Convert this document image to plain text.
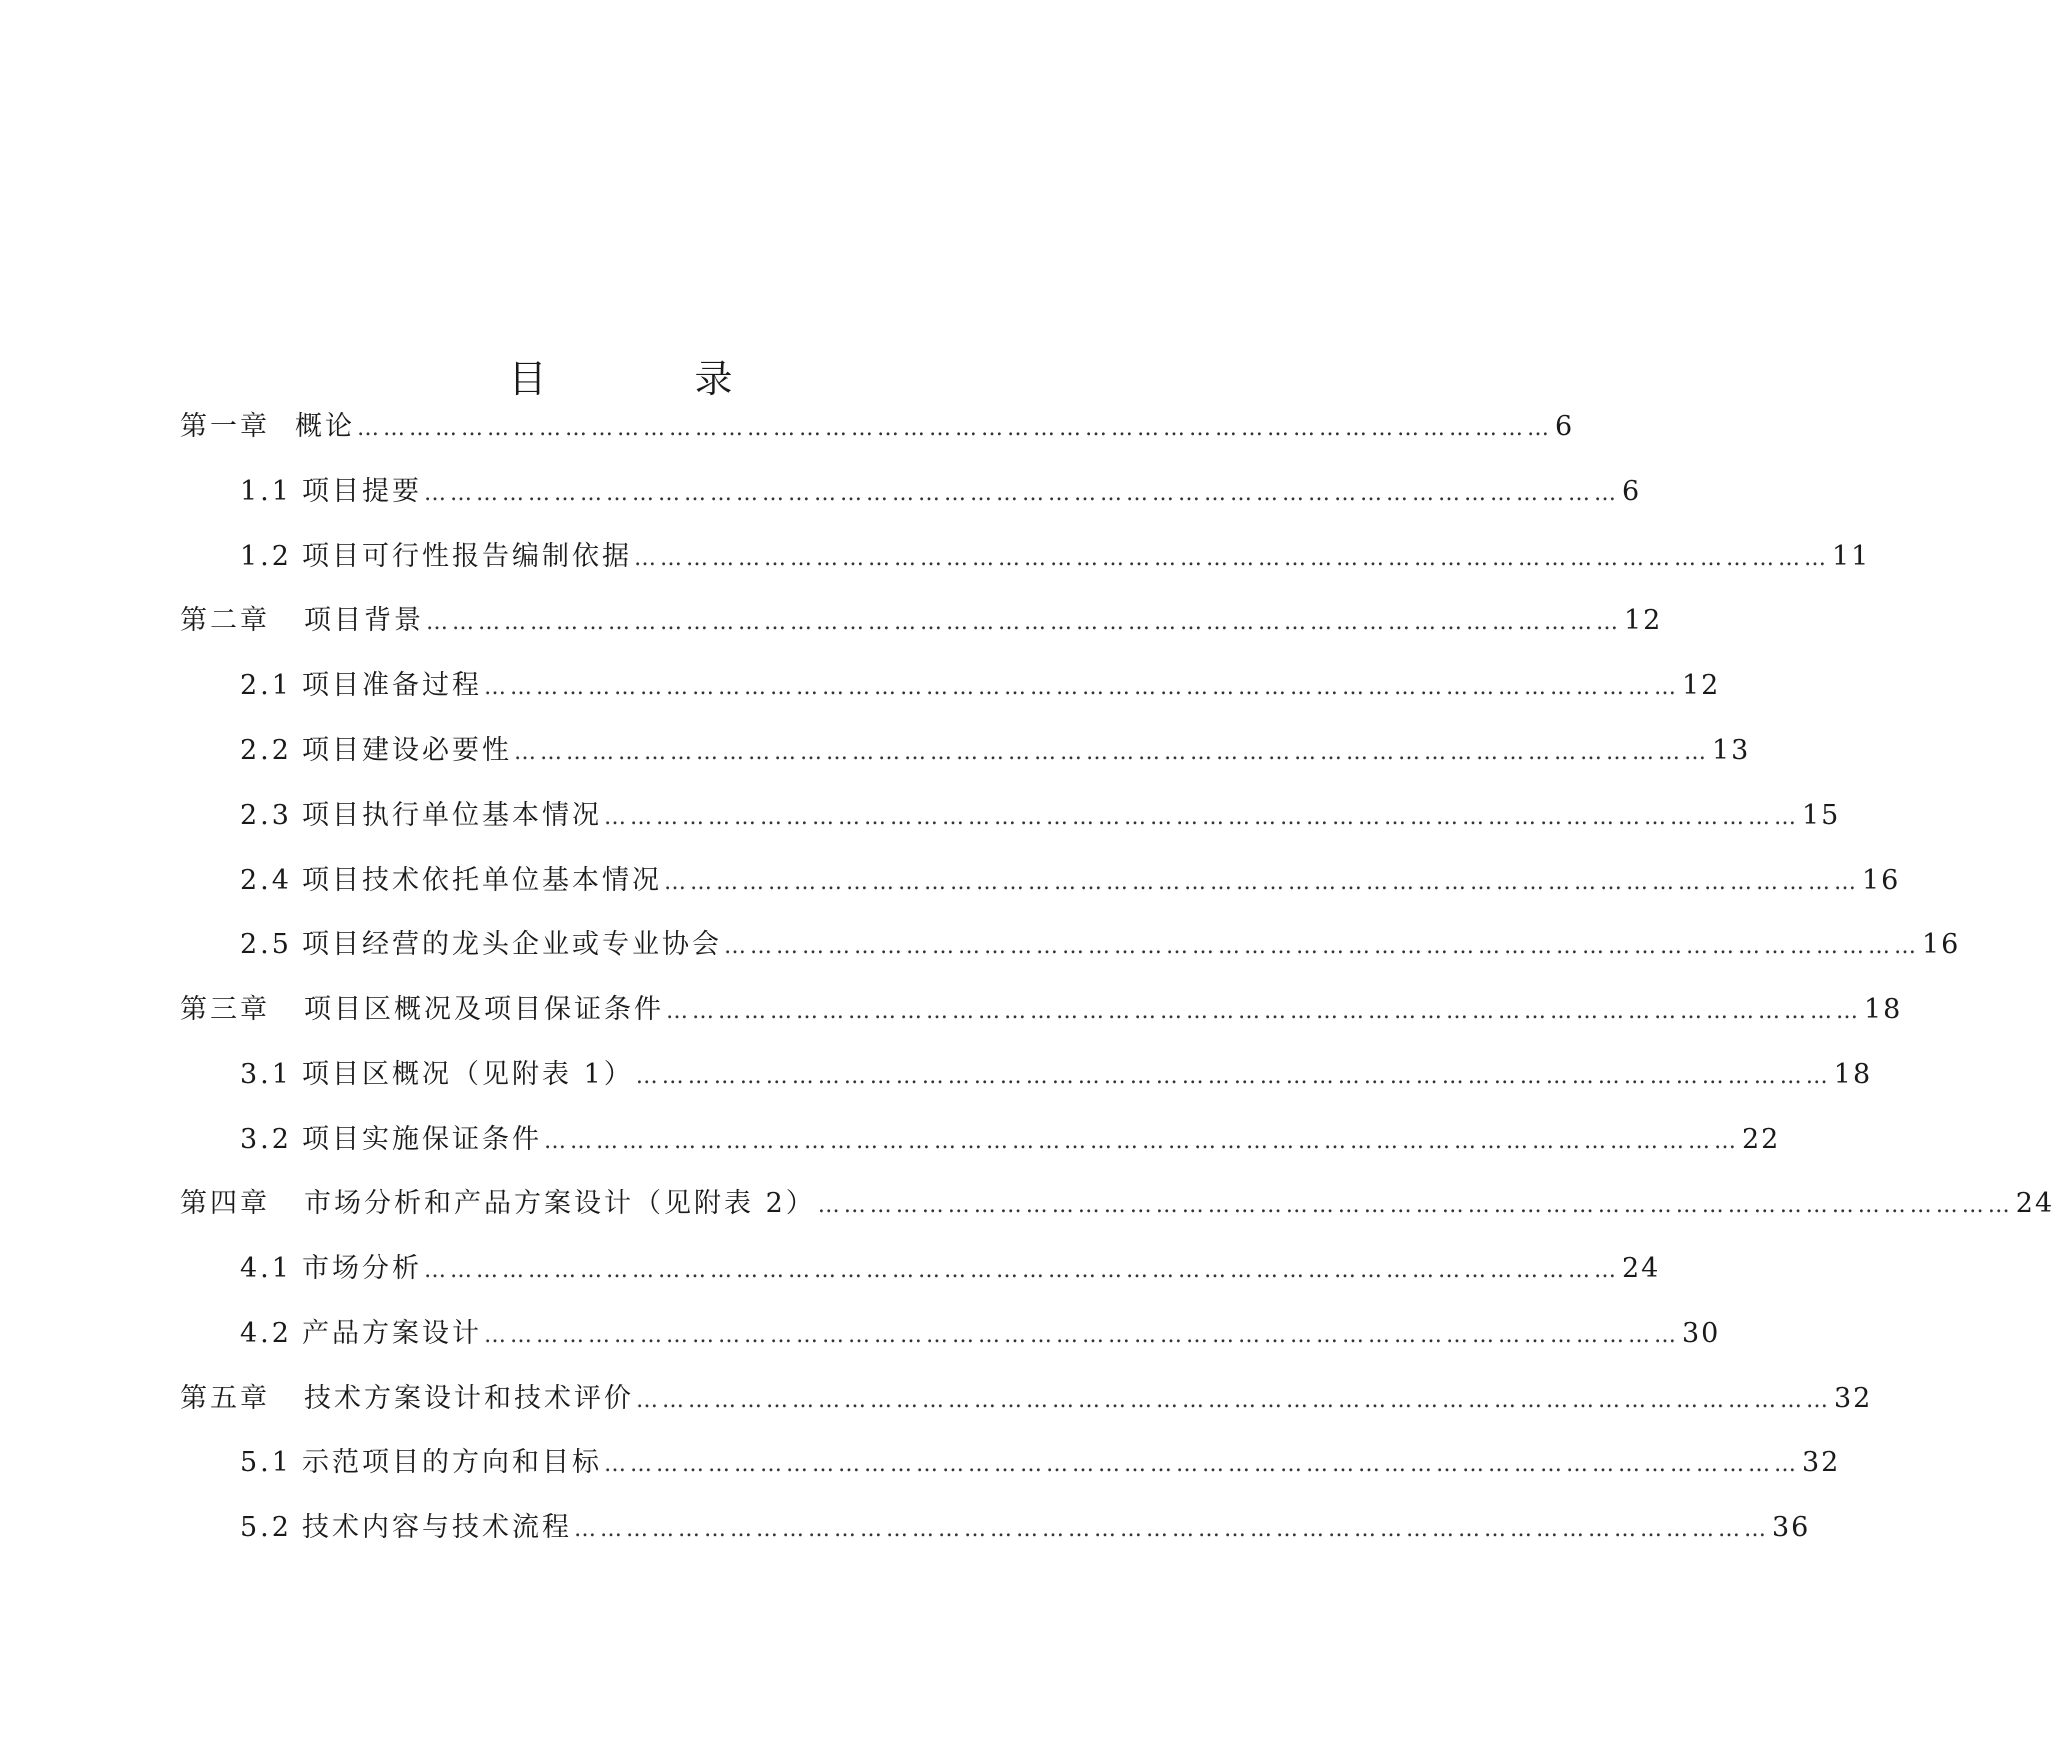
目	录
第一章 概论 ………………………………………………………………………………………………………………………… 6
1.1 项目提要 ………………………………………………………………………………………………………………………… 6
1.2 项目可行性报告编制依据 ………………………………………………………………………………………………………………………… 11
第二章	项目背景 ………………………………………………………………………………………………………………………… 12
2.1 项目准备过程 ………………………………………………………………………………………………………………………… 12
2.2 项目建设必要性 ………………………………………………………………………………………………………………………… 13
2.3 项目执行单位基本情况 ………………………………………………………………………………………………………………………… 15
2.4 项目技术依托单位基本情况 ………………………………………………………………………………………………………………………… 16
2.5 项目经营的龙头企业或专业协会 ………………………………………………………………………………………………………………………… 16
第三章	项目区概况及项目保证条件 ………………………………………………………………………………………………………………………… 18
3.1 项目区概况（见附表 1） ………………………………………………………………………………………………………………………… 18
3.2 项目实施保证条件 ………………………………………………………………………………………………………………………… 22
第四章	市场分析和产品方案设计（见附表 2） ………………………………………………………………………………………………………………………… 24
4.1 市场分析 ………………………………………………………………………………………………………………………… 24
4.2 产品方案设计 ………………………………………………………………………………………………………………………… 30
第五章	技术方案设计和技术评价 ………………………………………………………………………………………………………………………… 32
5.1 示范项目的方向和目标 ………………………………………………………………………………………………………………………… 32
5.2 技术内容与技术流程 ………………………………………………………………………………………………………………………… 36
